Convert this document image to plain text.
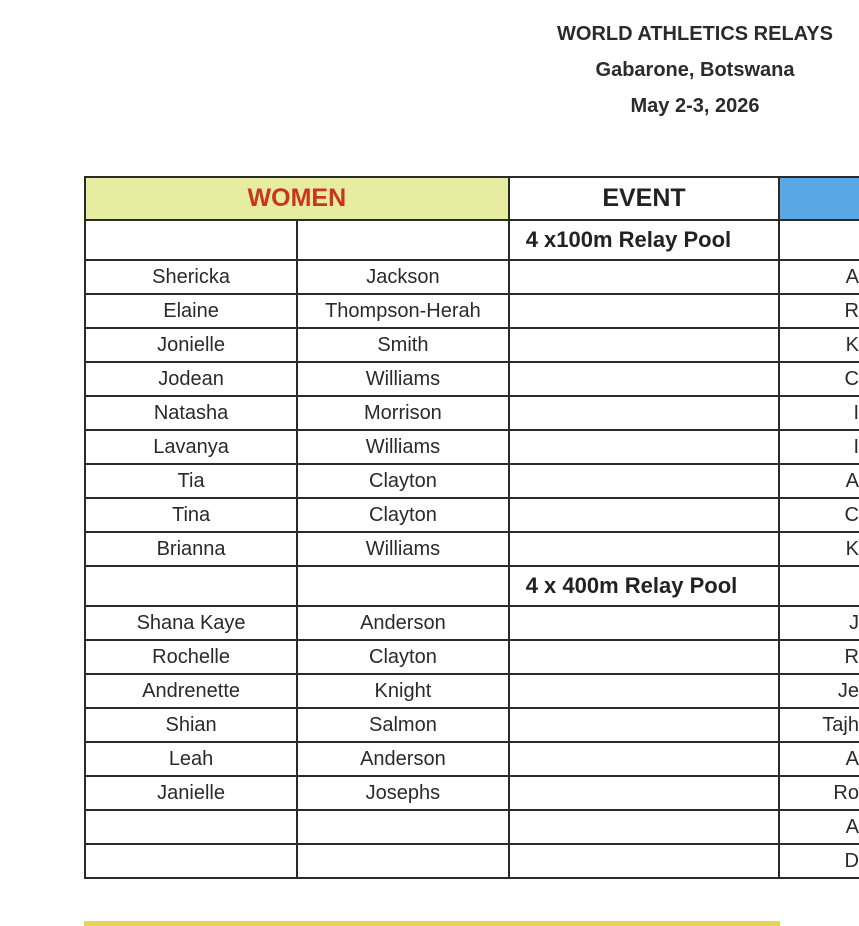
WORLD ATHLETICS RELAYS
Gabarone, Botswana
May 2-3, 2026
WOMEN		EVENT	
		4 x100m Relay Pool	
Shericka	Jackson		A
Elaine	Thompson-Herah		R
Jonielle	Smith		K
Jodean	Williams		C
Natasha	Morrison		I
Lavanya	Williams		I
Tia	Clayton		A
Tina	Clayton		C
Brianna	Williams		K
		4 x 400m Relay Pool	
Shana Kaye	Anderson		J
Rochelle	Clayton		R
Andrenette	Knight		Je
Shian	Salmon		Tajh
Leah	Anderson		A
Janielle	Josephs		Ro
			A
			D
